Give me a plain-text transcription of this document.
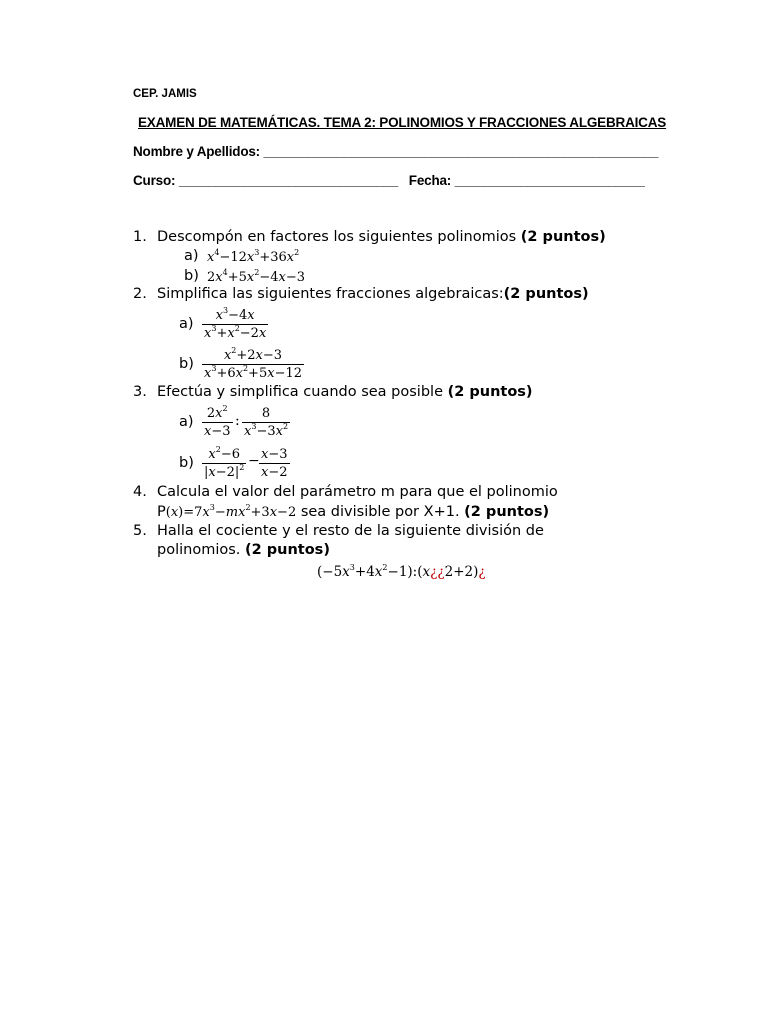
CEP. JAMIS
EXAMEN DE MATEMÁTICAS. TEMA 2: POLINOMIOS Y FRACCIONES ALGEBRAICAS
Nombre y Apellidos: ______________________________________________________
Curso: ______________________________ Fecha: __________________________
1. Descompón en factores los siguientes polinomios (2 puntos)
a) $x^4-12x^3+36x^2$
b) $2x^4+5x^2-4x-3$
2. Simplifica las siguientes fracciones algebraicas:(2 puntos)
$a) \frac{x^3-4x}{x^3+x^2-2x}$
$b) \frac{x^2+2x-3}{x^3+6x^2+5x-12}$
3. Efectúa y simplifica cuando sea posible (2 puntos)
$a) \frac{2x^2}{x-3}$ : $\frac{8}{x^3-3x^2}$
$b) \frac{x^2-6}{|x-2|^2} - \frac{x-3}{x-2}$
4. Calcula el valor del parámetro m para que el polinomio
$P(x)=7x^3-mx^2+3x-2$ sea divisible por X+1. (2 puntos)
5. Halla el cociente y el resto de la siguiente división de
polinomios. (2 puntos)
$(-5x^3+4x^2-1):(x¿¿2+2)¿$
